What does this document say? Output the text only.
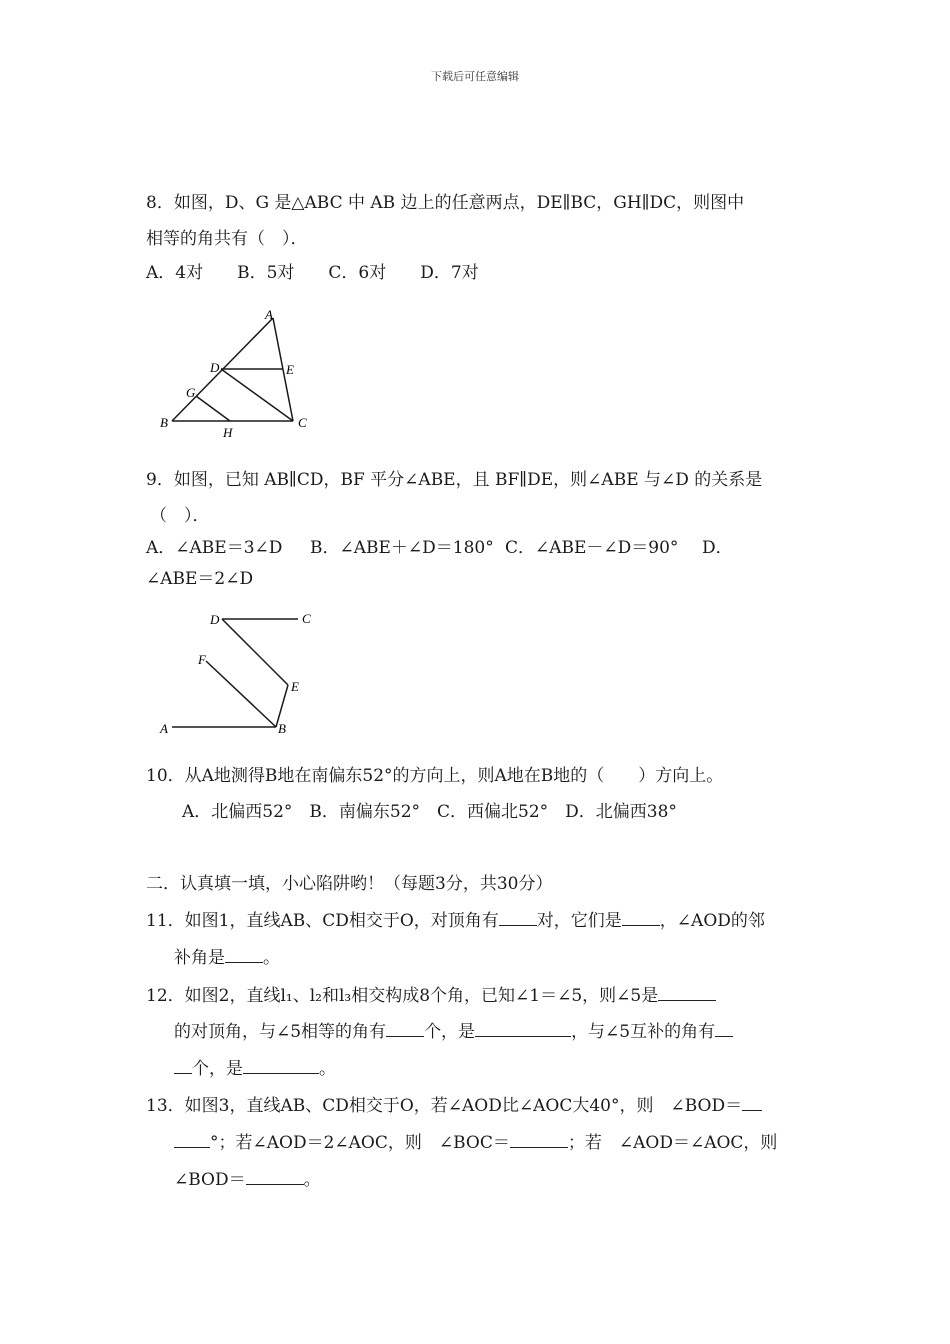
下载后可任意编辑
8．如图，D、G 是△ABC 中 AB 边上的任意两点，DE∥BC，GH∥DC，则图中
相等的角共有（　）．
A．4对　　B．5对　　C．6对　　D．7对
A
D	E
G
B
H
C
9．如图，已知 AB∥CD，BF 平分∠ABE，且 BF∥DE，则∠ABE 与∠D 的关系是
（　）．
A．∠ABE＝3∠D B．∠ABE＋∠D＝180° C．∠ABE－∠D＝90° D．
∠ABE＝2∠D
D	C
F
E
A	B
10．从A地测得B地在南偏东52°的方向上，则A地在B地的（　　）方向上。
A．北偏西52°　B．南偏东52°　C．西偏北52°　D．北偏西38°
二．认真填一填，小心陷阱哟！（每题3分，共30分）
11．如图1，直线AB、CD相交于O，对顶角有 对，它们是 ，∠AOD的邻
补角是 。
12．如图2，直线l₁、l₂和l₃相交构成8个角，已知∠1＝∠5，则∠5是
的对顶角，与∠5相等的角有 个，是	，与∠5互补的角有
个，是	。
13．如图3，直线AB、CD相交于O，若∠AOD比∠AOC大40°，则　∠BOD＝
°；若∠AOD＝2∠AOC，则　∠BOC＝	；若　∠AOD＝∠AOC，则
∠BOD＝	。
